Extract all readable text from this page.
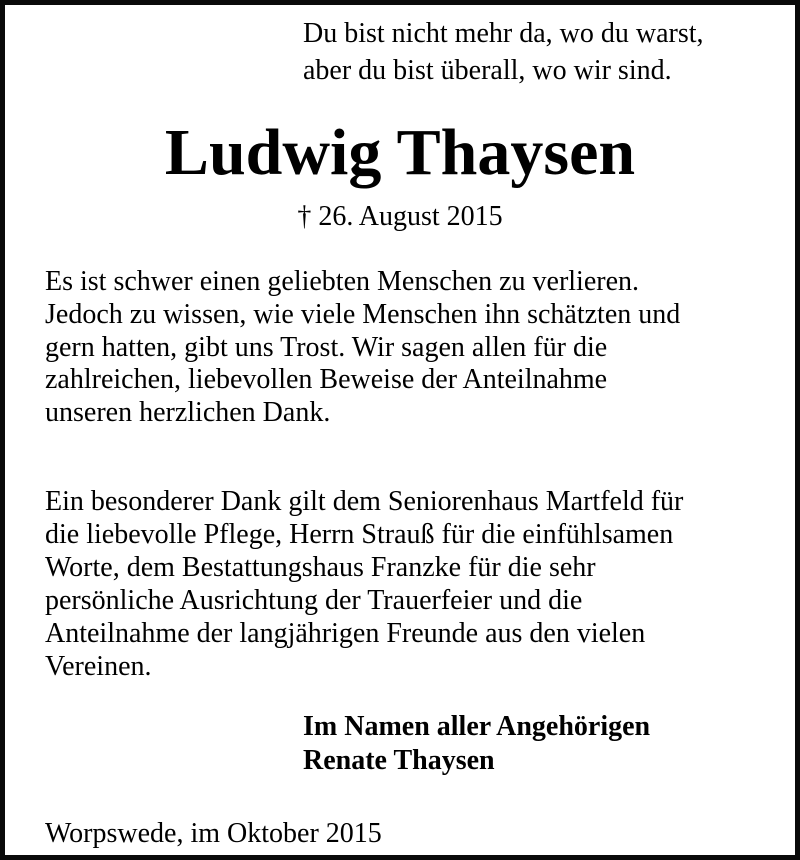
Du bist nicht mehr da, wo du warst,
aber du bist überall, wo wir sind.
Ludwig Thaysen
† 26. August 2015
Es ist schwer einen geliebten Menschen zu verlieren.
Jedoch zu wissen, wie viele Menschen ihn schätzten und
gern hatten, gibt uns Trost. Wir sagen allen für die
zahlreichen, liebevollen Beweise der Anteilnahme
unseren herzlichen Dank.
Ein besonderer Dank gilt dem Seniorenhaus Martfeld für
die liebevolle Pflege, Herrn Strauß für die einfühlsamen
Worte, dem Bestattungshaus Franzke für die sehr
persönliche Ausrichtung der Trauerfeier und die
Anteilnahme der langjährigen Freunde aus den vielen
Vereinen.
Im Namen aller Angehörigen
Renate Thaysen
Worpswede, im Oktober 2015
